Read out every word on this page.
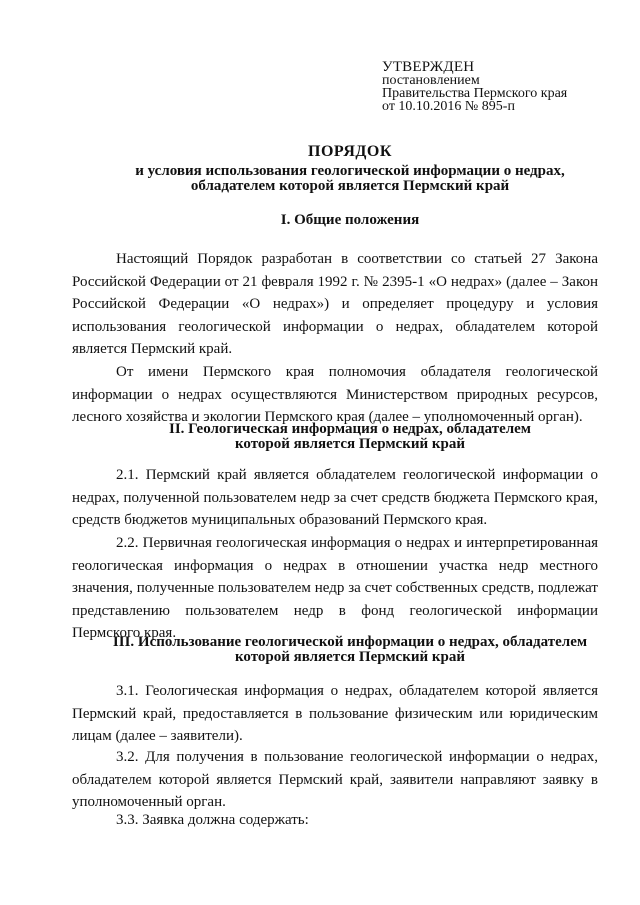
УТВЕРЖДЕН
постановлением
Правительства Пермского края
от 10.10.2016 № 895-п
ПОРЯДОК
и условия использования геологической информации о недрах,
обладателем которой является Пермский край
I. Общие положения
Настоящий Порядок разработан в соответствии со статьей 27 Закона Российской Федерации от 21 февраля 1992 г. № 2395-1 «О недрах» (далее – Закон Российской Федерации «О недрах») и определяет процедуру и условия использования геологической информации о недрах, обладателем которой является Пермский край.
От имени Пермского края полномочия обладателя геологической информации о недрах осуществляются Министерством природных ресурсов, лесного хозяйства и экологии Пермского края (далее – уполномоченный орган).
II. Геологическая информация о недрах, обладателем
которой является Пермский край
2.1. Пермский край является обладателем геологической информации о недрах, полученной пользователем недр за счет средств бюджета Пермского края, средств бюджетов муниципальных образований Пермского края.
2.2. Первичная геологическая информация о недрах и интерпретированная геологическая информация о недрах в отношении участка недр местного значения, полученные пользователем недр за счет собственных средств, подлежат представлению пользователем недр в фонд геологической информации Пермского края.
III. Использование геологической информации о недрах, обладателем
которой является Пермский край
3.1. Геологическая информация о недрах, обладателем которой является Пермский край, предоставляется в пользование физическим или юридическим лицам (далее – заявители).
3.2. Для получения в пользование геологической информации о недрах, обладателем которой является Пермский край, заявители направляют заявку в уполномоченный орган.
3.3. Заявка должна содержать:
